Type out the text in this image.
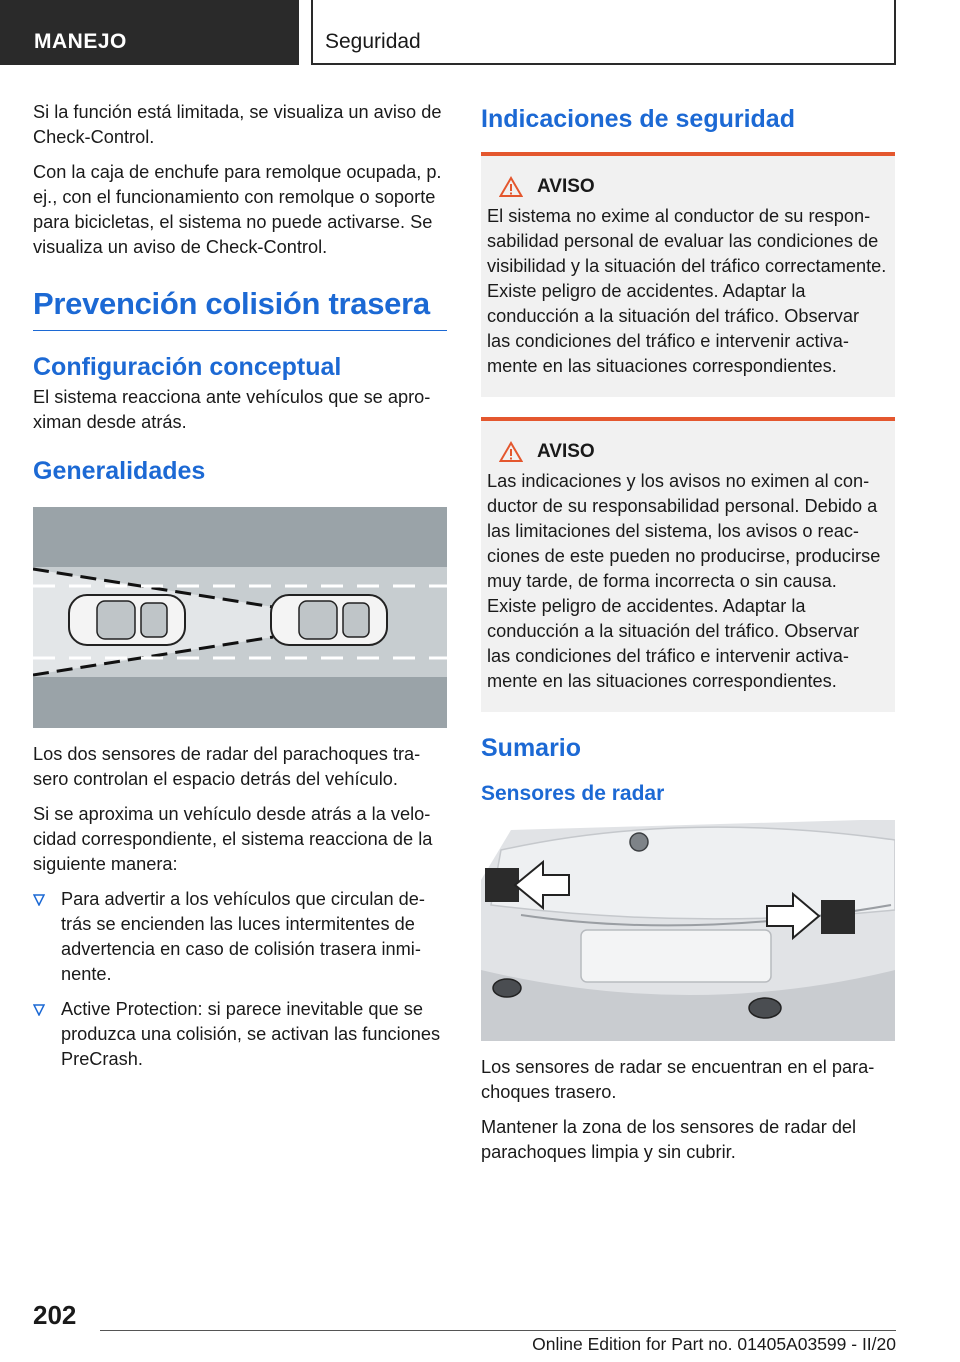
MANEJO	Seguridad

Si la función está limitada, se visualiza un aviso de Check-Control.

Con la caja de enchufe para remolque ocupada, p. ej., con el funcionamiento con remolque o soporte para bicicletas, el sistema no puede activarse. Se visualiza un aviso de Check-Control.

Prevención colisión trasera
Configuración conceptual

El sistema reacciona ante vehículos que se aproximan desde atrás.

Generalidades

Los dos sensores de radar del parachoques trasero controlan el espacio detrás del vehículo.

Si se aproxima un vehículo desde atrás a la velocidad correspondiente, el sistema reacciona de la siguiente manera:

Para advertir a los vehículos que circulan detrás se encienden las luces intermitentes de advertencia en caso de colisión trasera inminente.
Active Protection: si parece inevitable que se produzca una colisión, se activan las funciones PreCrash.
Indicaciones de seguridad
AVISO

El sistema no exime al conductor de su responsabilidad personal de evaluar las condiciones de visibilidad y la situación del tráfico correctamente. Existe peligro de accidentes. Adaptar la conducción a la situación del tráfico. Observar las condiciones del tráfico e intervenir activamente en las situaciones correspondientes.

AVISO

Las indicaciones y los avisos no eximen al conductor de su responsabilidad personal. Debido a las limitaciones del sistema, los avisos o reacciones de este pueden no producirse, producirse muy tarde, de forma incorrecta o sin causa. Existe peligro de accidentes. Adaptar la conducción a la situación del tráfico. Observar las condiciones del tráfico e intervenir activamente en las situaciones correspondientes.

Sumario
Sensores de radar

Los sensores de radar se encuentran en el parachoques trasero.

Mantener la zona de los sensores de radar del parachoques limpia y sin cubrir.

202
Online Edition for Part no. 01405A03599 - II/20
